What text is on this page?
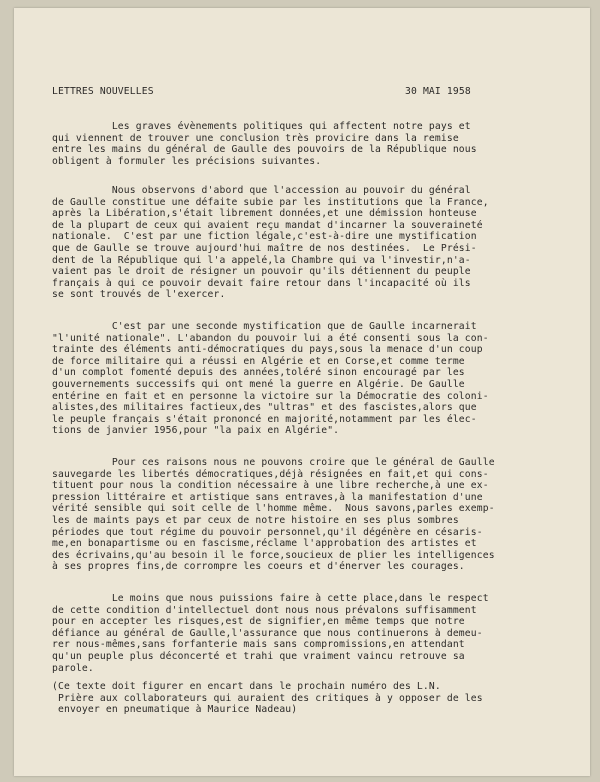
LETTRES NOUVELLES	30 MAI 1958
Les graves évènements politiques qui affectent notre pays et
qui viennent de trouver une conclusion très provicire dans la remise
entre les mains du général de Gaulle des pouvoirs de la République nous
obligent à formuler les précisions suivantes.
Nous observons d'abord que l'accession au pouvoir du général
de Gaulle constitue une défaite subie par les institutions que la France,
après la Libération,s'était librement données,et une démission honteuse
de la plupart de ceux qui avaient reçu mandat d'incarner la souveraineté
nationale.  C'est par une fiction légale,c'est-à-dire une mystification
que de Gaulle se trouve aujourd'hui maître de nos destinées.  Le Prési-
dent de la République qui l'a appelé,la Chambre qui va l'investir,n'a-
vaient pas le droit de résigner un pouvoir qu'ils détiennent du peuple
français à qui ce pouvoir devait faire retour dans l'incapacité où ils
se sont trouvés de l'exercer.
C'est par une seconde mystification que de Gaulle incarnerait
"l'unité nationale". L'abandon du pouvoir lui a été consenti sous la con-
trainte des éléments anti-démocratiques du pays,sous la menace d'un coup
de force militaire qui a réussi en Algérie et en Corse,et comme terme
d'un complot fomenté depuis des années,toléré sinon encouragé par les
gouvernements successifs qui ont mené la guerre en Algérie. De Gaulle
entérine en fait et en personne la victoire sur la Démocratie des coloni-
alistes,des militaires factieux,des "ultras" et des fascistes,alors que
le peuple français s'était prononcé en majorité,notamment par les élec-
tions de janvier 1956,pour "la paix en Algérie".
Pour ces raisons nous ne pouvons croire que le général de Gaulle
sauvegarde les libertés démocratiques,déjà résignées en fait,et qui cons-
tituent pour nous la condition nécessaire à une libre recherche,à une ex-
pression littéraire et artistique sans entraves,à la manifestation d'une
vérité sensible qui soit celle de l'homme même.  Nous savons,parles exemp-
les de maints pays et par ceux de notre histoire en ses plus sombres
périodes que tout régime du pouvoir personnel,qu'il dégénère en césaris-
me,en bonapartisme ou en fascisme,réclame l'approbation des artistes et
des écrivains,qu'au besoin il le force,soucieux de plier les intelligences
à ses propres fins,de corrompre les coeurs et d'énerver les courages.
Le moins que nous puissions faire à cette place,dans le respect
de cette condition d'intellectuel dont nous nous prévalons suffisamment
pour en accepter les risques,est de signifier,en même temps que notre
défiance au général de Gaulle,l'assurance que nous continuerons à demeu-
rer nous-mêmes,sans forfanterie mais sans compromissions,en attendant
qu'un peuple plus déconcerté et trahi que vraiment vaincu retrouve sa
parole.
(Ce texte doit figurer en encart dans le prochain numéro des L.N.
Prière aux collaborateurs qui auraient des critiques à y opposer de les
envoyer en pneumatique à Maurice Nadeau)
